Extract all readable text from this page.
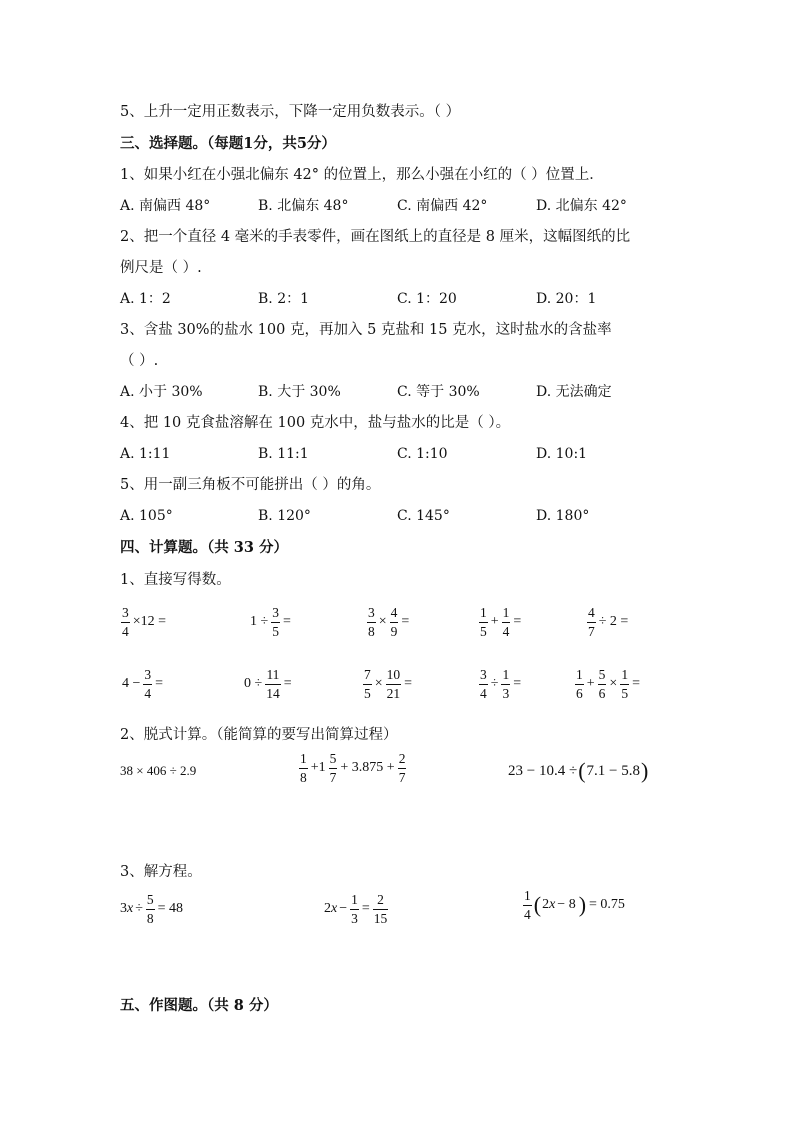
5、上升一定用正数表示，下降一定用负数表示。（ ）
三、选择题。（每题1分，共5分）
1、如果小红在小强北偏东 42° 的位置上，那么小强在小红的（ ）位置上．
A. 南偏西 48°	B. 北偏东 48°	C. 南偏西 42°	D. 北偏东 42°
2、把一个直径 4 毫米的手表零件，画在图纸上的直径是 8 厘米，这幅图纸的比
例尺是（ ）.
A. 1：2	B. 2：1	C. 1：20	D. 20：1
3、含盐 30%的盐水 100 克，再加入 5 克盐和 15 克水，这时盐水的含盐率
（ ）.
A. 小于 30%	B. 大于 30%	C. 等于 30%	D. 无法确定
4、把 10 克食盐溶解在 100 克水中，盐与盐水的比是（ ）。
A. 1:11	B. 11:1	C. 1:10	D. 10:1
5、用一副三角板不可能拼出（ ）的角。
A. 105°	B. 120°	C. 145°	D. 180°
四、计算题。（共 33 分）
1、直接写得数。
$\frac{3}{4} \times 12$ =	$1 \div \frac{3}{5}$ =	$\frac{3}{8} \times \frac{4}{9}$ =	$\frac{1}{5} + \frac{1}{4}$ =	$\frac{4}{7} \div 2$ =
$4 - \frac{3}{4}$ =	$0 \div \frac{11}{14}$ =	$\frac{7}{5} \times \frac{10}{21}$ =	$\frac{3}{4} \div \frac{1}{3}$ =	$\frac{1}{6} + \frac{5}{6} \times \frac{1}{5}$ =
2、脱式计算。（能简算的要写出简算过程）
38 × 406 ÷ 2.9	$\frac{1}{8} +1 \frac{5}{7} + 3.875 + \frac{2}{7}$	23 − 10.4 ÷ ( 7.1 − 5.8 )
3、解方程。
3 $x \div \frac{5}{8} = 48$	2 $x - \frac{1}{3} = \frac{2}{15}$	$\frac{1}{4}$ ( 2 x − 8 ) = 0.75
五、作图题。（共 8 分）
